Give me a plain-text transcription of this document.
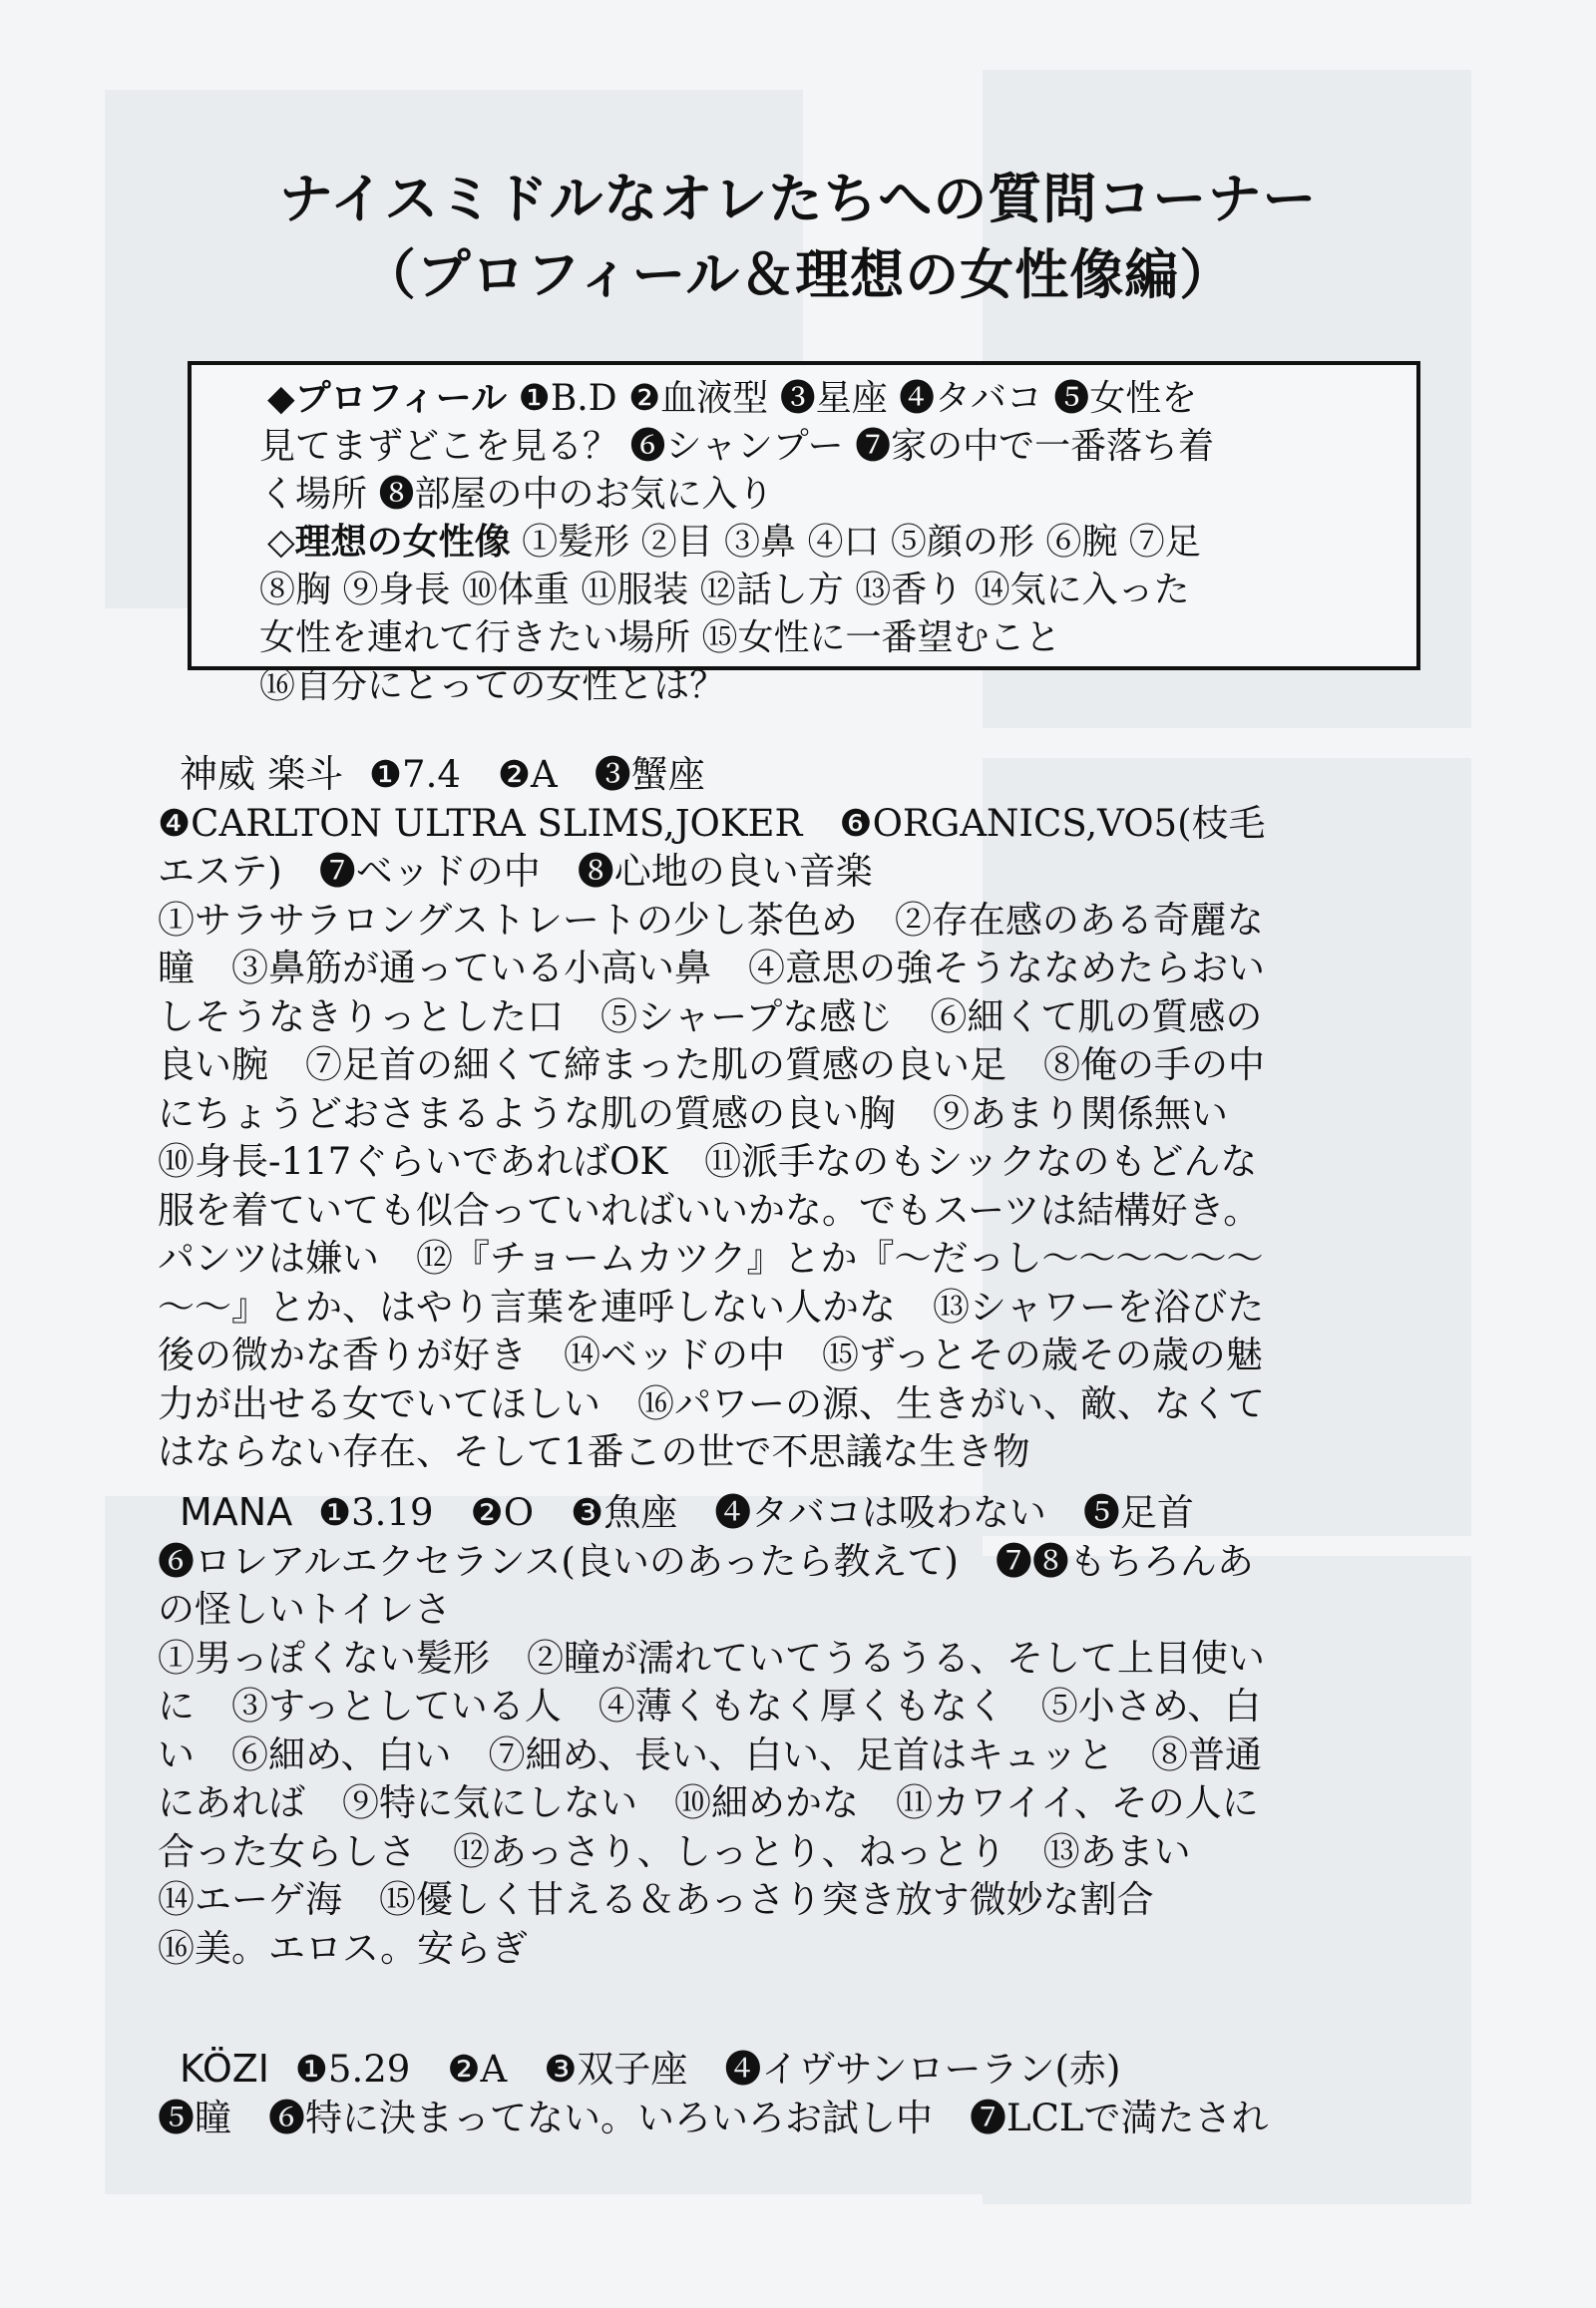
ナイスミドルなオレたちへの質問コーナー
（プロフィール＆理想の女性像編）

◆プロフィール ❶B.D ❷血液型 ❸星座 ❹タバコ ❺女性を

見てまずどこを見る？ ❻シャンプー ❼家の中で一番落ち着

く場所 ❽部屋の中のお気に入り

◇理想の女性像 ①髪形 ②目 ③鼻 ④口 ⑤顔の形 ⑥腕 ⑦足

⑧胸 ⑨身長 ⑩体重 ⑪服装 ⑫話し方 ⑬香り ⑭気に入った

女性を連れて行きたい場所 ⑮女性に一番望むこと

⑯自分にとっての女性とは？

神威 楽斗 ❶7.4　❷A　❸蟹座

❹CARLTON ULTRA SLIMS,JOKER　❻ORGANICS,VO5(枝毛

エステ)　❼ベッドの中　❽心地の良い音楽

①サラサラロングストレートの少し茶色め　②存在感のある奇麗な

瞳　③鼻筋が通っている小高い鼻　④意思の強そうななめたらおい

しそうなきりっとした口　⑤シャープな感じ　⑥細くて肌の質感の

良い腕　⑦足首の細くて締まった肌の質感の良い足　⑧俺の手の中

にちょうどおさまるような肌の質感の良い胸　⑨あまり関係無い

⑩身長-117ぐらいであればOK　⑪派手なのもシックなのもどんな

服を着ていても似合っていればいいかな。でもスーツは結構好き。

パンツは嫌い　⑫『チョームカツク』とか『～だっし～～～～～～

～～』とか、はやり言葉を連呼しない人かな　⑬シャワーを浴びた

後の微かな香りが好き　⑭ベッドの中　⑮ずっとその歳その歳の魅

力が出せる女でいてほしい　⑯パワーの源、生きがい、敵、なくて

はならない存在、そして1番この世で不思議な生き物

MANA ❶3.19　❷O　❸魚座　❹タバコは吸わない　❺足首

❻ロレアルエクセランス(良いのあったら教えて)　❼❽もちろんあ

の怪しいトイレさ

①男っぽくない髪形　②瞳が濡れていてうるうる、そして上目使い

に　③すっとしている人　④薄くもなく厚くもなく　⑤小さめ、白

い　⑥細め、白い　⑦細め、長い、白い、足首はキュッと　⑧普通

にあれば　⑨特に気にしない　⑩細めかな　⑪カワイイ、その人に

合った女らしさ　⑫あっさり、しっとり、ねっとり　⑬あまい

⑭エーゲ海　⑮優しく甘える＆あっさり突き放す微妙な割合

⑯美。エロス。安らぎ

KÖZI ❶5.29　❷A　❸双子座　❹イヴサンローラン(赤)

❺瞳　❻特に決まってない。いろいろお試し中　❼LCLで満たされ
